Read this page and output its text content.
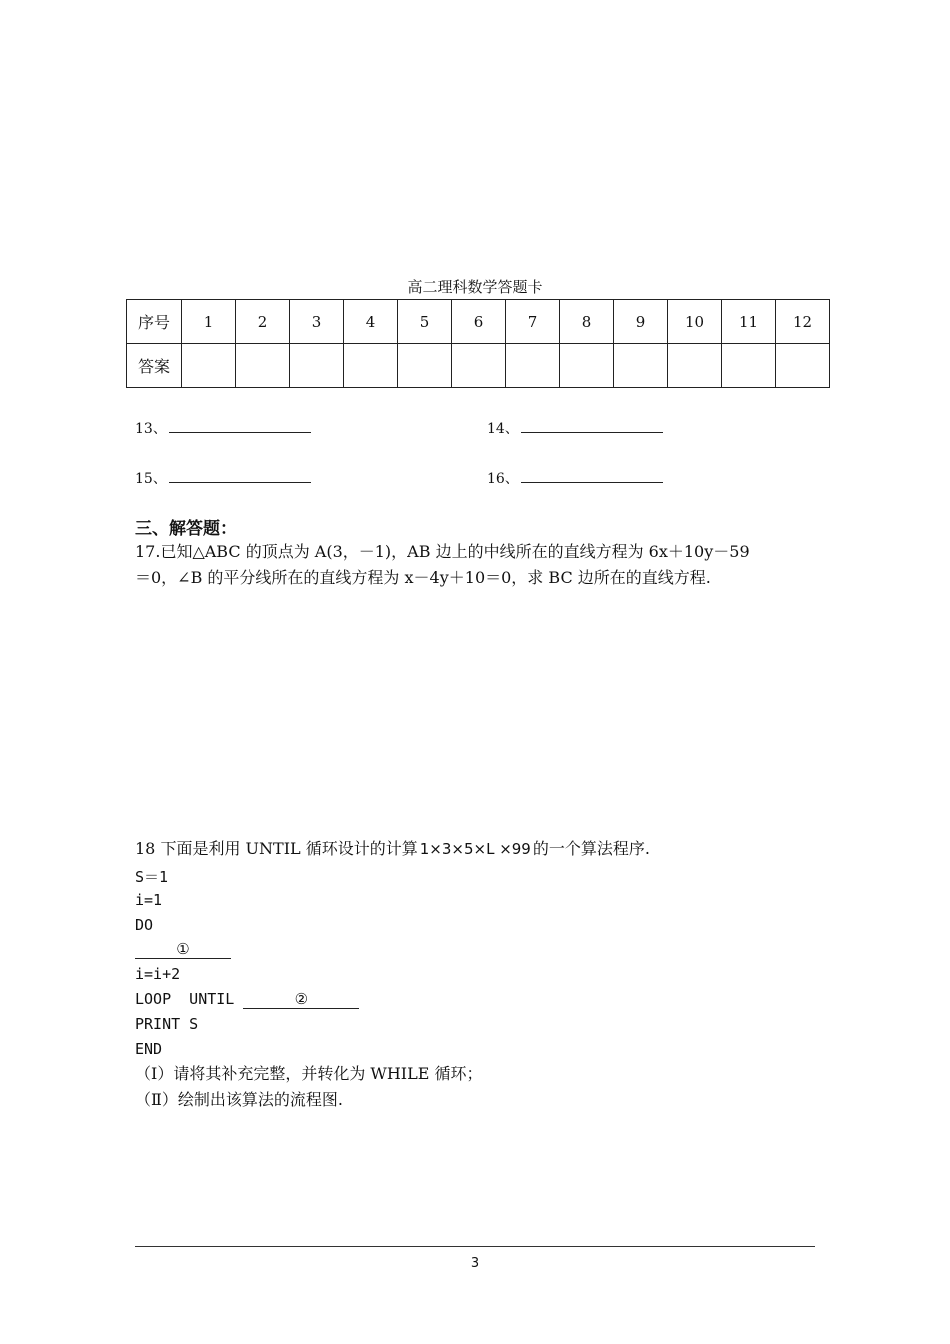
高二理科数学答题卡
序号	1	2	3	4	5	6	7	8	9	10	11	12
答案												
13、	14、
15、	16、
三、解答题：
17.已知△ABC 的顶点为 A(3，－1)，AB 边上的中线所在的直线方程为 6x＋10y－59
＝0，∠B 的平分线所在的直线方程为 x－4y＋10＝0，求 BC 边所在的直线方程.
18 下面是利用 UNTIL 循环设计的计算 1×3×5×L ×99 的一个算法程序.
S＝1
i=1
DO
①
i=i+2
LOOP  UNTIL	②
PRINT S
END
（Ⅰ）请将其补充完整，并转化为 WHILE 循环；
（Ⅱ）绘制出该算法的流程图.
3
